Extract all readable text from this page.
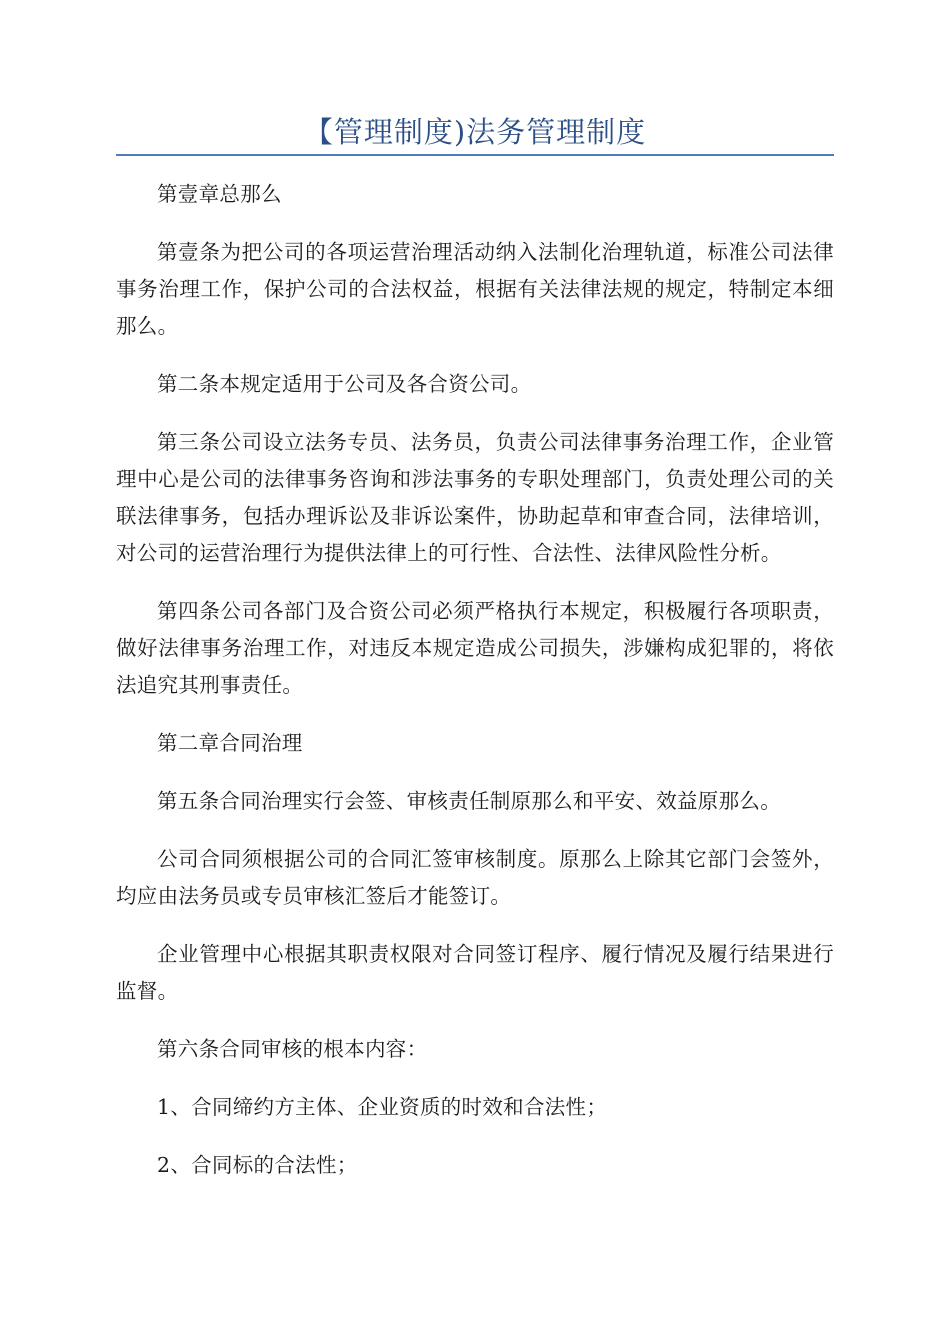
【管理制度)法务管理制度

第壹章总那么

第壹条为把公司的各项运营治理活动纳入法制化治理轨道，标准公司法律事务治理工作，保护公司的合法权益，根据有关法律法规的规定，特制定本细那么。

第二条本规定适用于公司及各合资公司。

第三条公司设立法务专员、法务员，负责公司法律事务治理工作，企业管理中心是公司的法律事务咨询和涉法事务的专职处理部门，负责处理公司的关联法律事务，包括办理诉讼及非诉讼案件，协助起草和审查合同，法律培训，对公司的运营治理行为提供法律上的可行性、合法性、法律风险性分析。

第四条公司各部门及合资公司必须严格执行本规定，积极履行各项职责，做好法律事务治理工作，对违反本规定造成公司损失，涉嫌构成犯罪的，将依法追究其刑事责任。

第二章合同治理

第五条合同治理实行会签、审核责任制原那么和平安、效益原那么。

公司合同须根据公司的合同汇签审核制度。原那么上除其它部门会签外，均应由法务员或专员审核汇签后才能签订。

企业管理中心根据其职责权限对合同签订程序、履行情况及履行结果进行监督。

第六条合同审核的根本内容：

1、合同缔约方主体、企业资质的时效和合法性；

2、合同标的合法性；
